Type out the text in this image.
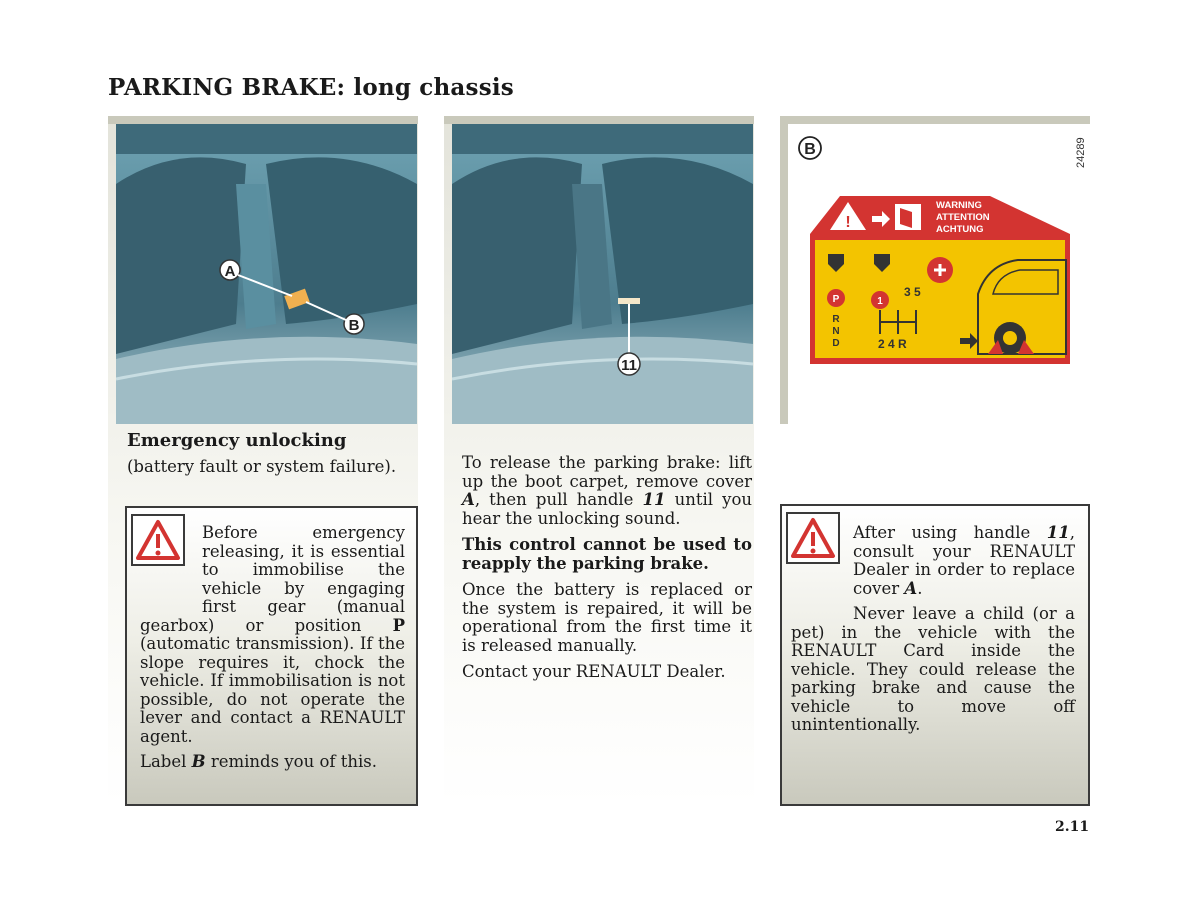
PARKING BRAKE: long chassis
A
B
11
B	24289
!
WARNING
ATTENTION
ACHTUNG
P
R
N
D
1
3 5
2 4 R
Emergency unlocking
(battery fault or system failure).

Before emergency releasing, it is essential to immobilise the vehicle by engaging first gear (manual gearbox) or position P (automatic transmission). If the slope requires it, chock the vehicle. If immobilisation is not possible, do not operate the lever and contact a RENAULT agent.

Label B reminds you of this.

To release the parking brake: lift up the boot carpet, remove cover A, then pull handle 11 until you hear the unlocking sound.

This control cannot be used to reapply the parking brake.

Once the battery is replaced or the system is repaired, it will be operational from the first time it is released manually.

Contact your RENAULT Dealer.

After using handle 11, consult your RENAULT Dealer in order to replace cover A.

Never leave a child (or a pet) in the vehicle with the RENAULT Card inside the vehicle. They could release the parking brake and cause the vehicle to move off unintentionally.

2.11
